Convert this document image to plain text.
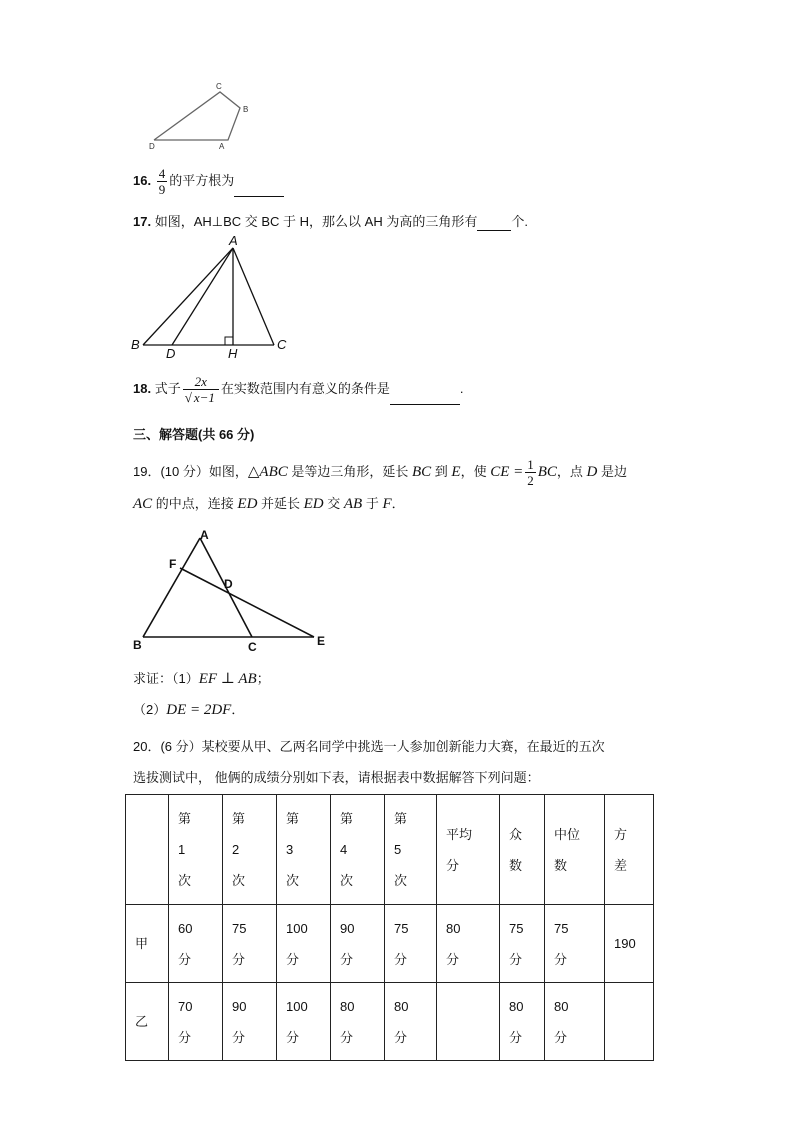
C
B
D	A
16. $\frac{4}{9}$ 的平方根为
17. 如图，AH⊥BC 交 BC 于 H，那么以 AH 为高的三角形有	个.
A
B
D	H
C
18. 式子 $\frac{2x}{√ x-1}$ 在实数范围内有意义的条件是	.
三、解答题(共 66 分)
19．(10 分）如图，△ABC 是等边三角形，延长 BC 到 E，使 CE = $\frac{1}{2}$ BC，点 D 是边
AC 的中点，连接 ED 并延长 ED 交 AB 于 F．
A
F
D
B	C	E
求证：（1）EF ⊥ AB；
（2）DE = 2DF．
20．(6 分）某校要从甲、乙两名同学中挑选一人参加创新能力大赛，在最近的五次
选拔测试中， 他俩的成绩分别如下表，请根据表中数据解答下列问题：

	第
1
次	第
2
次	第
3
次	第
4
次	第
5
次	平均
分	众
数	中位
数	方
差

甲	60
分	75
分	100
分	90
分	75
分	80
分	75
分	75
分	190

乙	70
分	90
分	100
分	80
分	80
分		80
分	80
分	
